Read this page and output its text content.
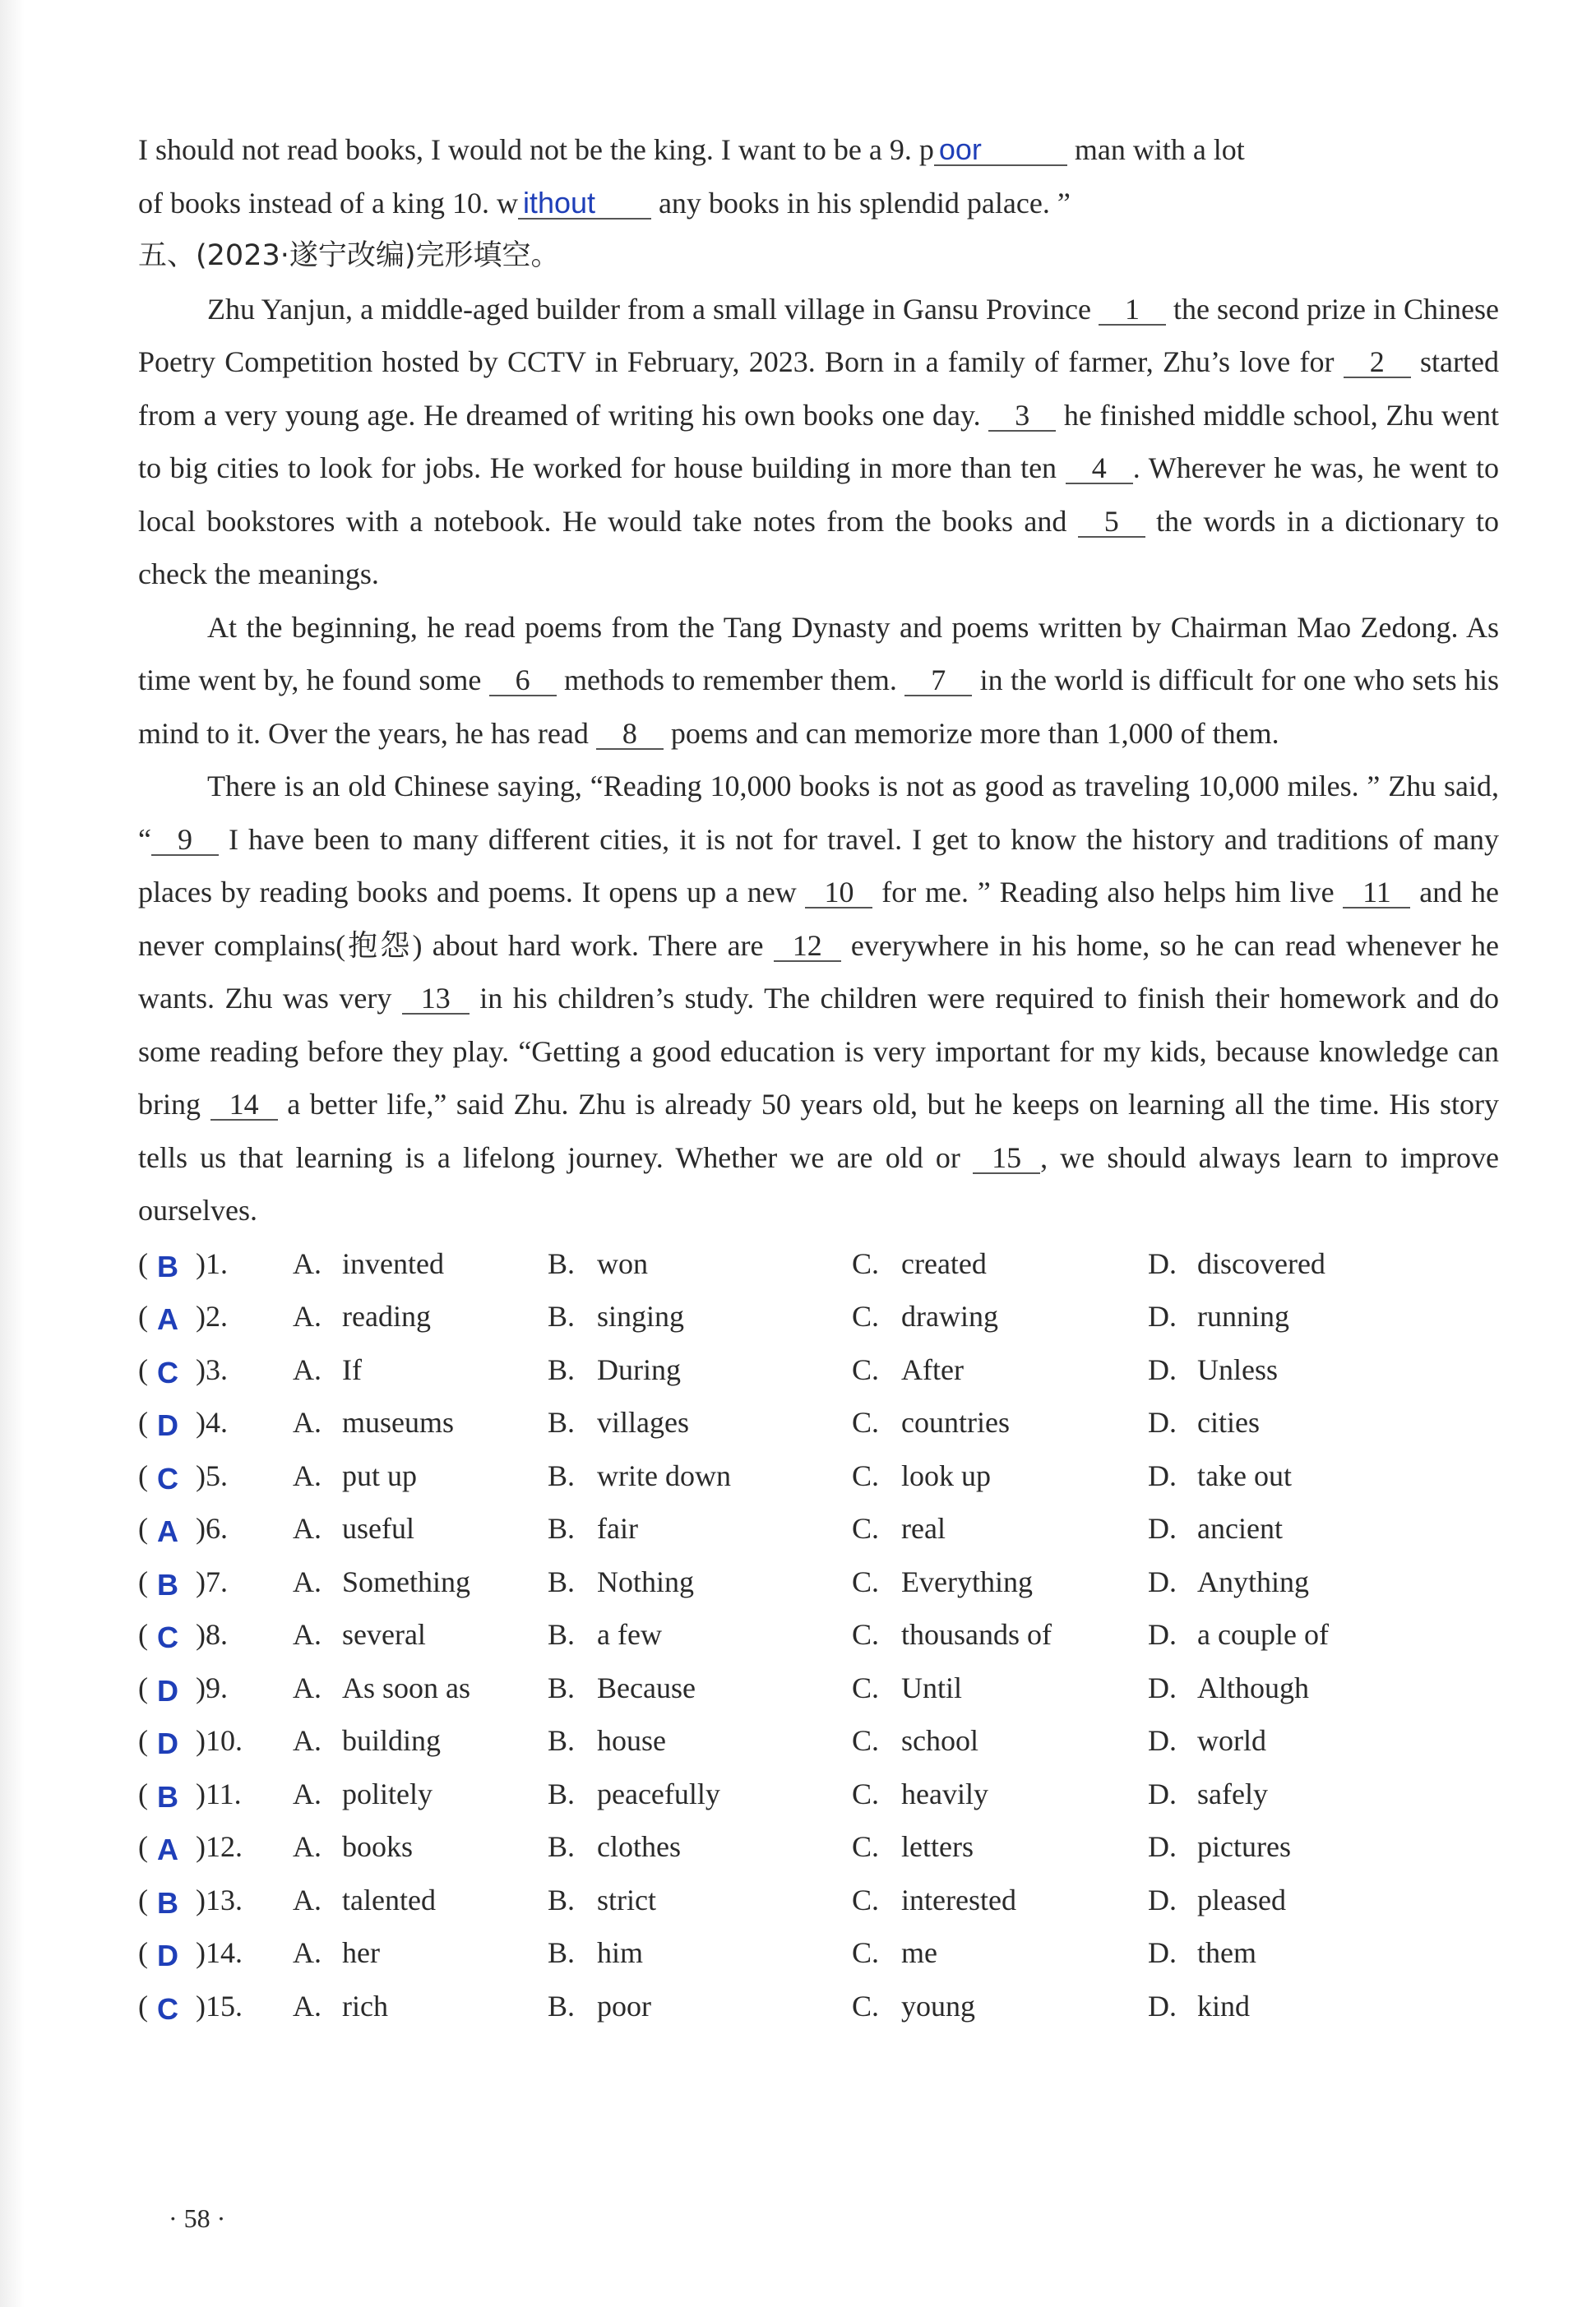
I should not read books, I would not be the king. I want to be a 9. p oor	man with a lot

of books instead of a king 10. w ithout any books in his splendid palace. ”

五、(2023·遂宁改编)完形填空。

Zhu Yanjun, a middle-aged builder from a small village in Gansu Province 1 the second prize in Chinese Poetry Competition hosted by CCTV in February, 2023. Born in a family of farmer, Zhu’s love for 2 started from a very young age. He dreamed of writing his own books one day. 3 he finished middle school, Zhu went to big cities to look for jobs. He worked for house building in more than ten 4 . Wherever he was, he went to local bookstores with a notebook. He would take notes from the books and 5 the words in a dictionary to check the meanings.

At the beginning, he read poems from the Tang Dynasty and poems written by Chairman Mao Zedong. As time went by, he found some 6 methods to remember them. 7 in the world is difficult for one who sets his mind to it. Over the years, he has read 8 poems and can memorize more than 1,000 of them.

There is an old Chinese saying, “Reading 10,000 books is not as good as traveling 10,000 miles. ” Zhu said, “ 9 I have been to many different cities, it is not for travel. I get to know the history and traditions of many places by reading books and poems. It opens up a new 10 for me. ” Reading also helps him live 11 and he never complains(抱怨) about hard work. There are 12 everywhere in his home, so he can read whenever he wants. Zhu was very 13 in his children’s study. The children were required to finish their homework and do some reading before they play. “Getting a good education is very important for my kids, because knowledge can bring 14 a better life,” said Zhu. Zhu is already 50 years old, but he keeps on learning all the time. His story tells us that learning is a lifelong journey. Whether we are old or 15 , we should always learn to improve ourselves.

( B )1.	A. invented	B. won	C. created	D. discovered
( A )2.	A. reading	B. singing	C. drawing	D. running
( C )3.	A. If	B. During	C. After	D. Unless
( D )4.	A. museums	B. villages	C. countries	D. cities
( C )5.	A. put up	B. write down	C. look up	D. take out
( A )6.	A. useful	B. fair	C. real	D. ancient
( B )7.	A. Something	B. Nothing	C. Everything	D. Anything
( C )8.	A. several	B. a few	C. thousands of	D. a couple of
( D )9.	A. As soon as	B. Because	C. Until	D. Although
( D )10.	A. building	B. house	C. school	D. world
( B )11.	A. politely	B. peacefully	C. heavily	D. safely
( A )12.	A. books	B. clothes	C. letters	D. pictures
( B )13.	A. talented	B. strict	C. interested	D. pleased
( D )14.	A. her	B. him	C. me	D. them
( C )15.	A. rich	B. poor	C. young	D. kind
· 58 ·
